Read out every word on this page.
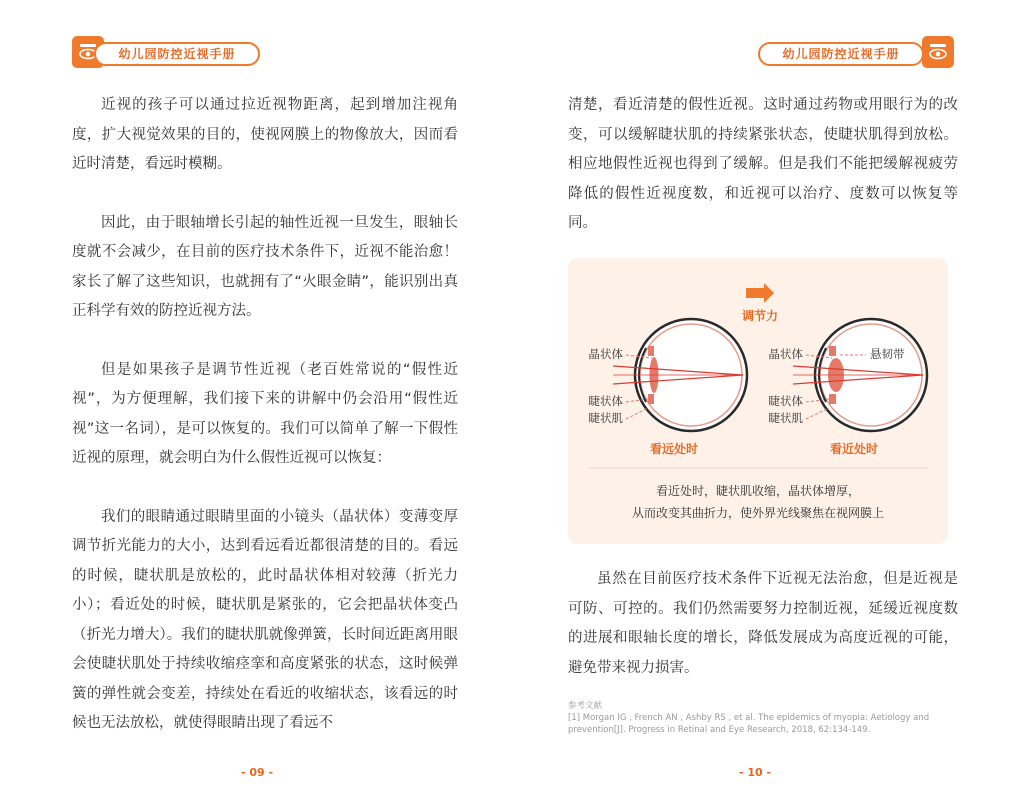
幼儿园防控近视手册

近视的孩子可以通过拉近视物距离，起到增加注视角度，扩大视觉效果的目的，使视网膜上的物像放大，因而看近时清楚，看远时模糊。

因此，由于眼轴增长引起的轴性近视一旦发生，眼轴长度就不会减少，在目前的医疗技术条件下，近视不能治愈！家长了解了这些知识，也就拥有了“火眼金睛”，能识别出真正科学有效的防控近视方法。

但是如果孩子是调节性近视（老百姓常说的“假性近视”，为方便理解，我们接下来的讲解中仍会沿用“假性近视”这一名词），是可以恢复的。我们可以简单了解一下假性近视的原理，就会明白为什么假性近视可以恢复：

我们的眼睛通过眼睛里面的小镜头（晶状体）变薄变厚调节折光能力的大小，达到看远看近都很清楚的目的。看远的时候，睫状肌是放松的，此时晶状体相对较薄（折光力小）；看近处的时候，睫状肌是紧张的，它会把晶状体变凸（折光力增大）。我们的睫状肌就像弹簧，长时间近距离用眼会使睫状肌处于持续收缩痉挛和高度紧张的状态，这时候弹簧的弹性就会变差，持续处在看近的收缩状态，该看远的时候也无法放松，就使得眼睛出现了看远不

- 09 -
幼儿园防控近视手册

清楚，看近清楚的假性近视。这时通过药物或用眼行为的改变，可以缓解睫状肌的持续紧张状态，使睫状肌得到放松。相应地假性近视也得到了缓解。但是我们不能把缓解视疲劳降低的假性近视度数，和近视可以治疗、度数可以恢复等同。

调节力
晶状体
睫状体
睫状肌
看远处时
晶状体	悬韧带
睫状体
睫状肌
看近处时
看近处时，睫状肌收缩，晶状体增厚，
从而改变其曲折力，使外界光线聚焦在视网膜上

虽然在目前医疗技术条件下近视无法治愈，但是近视是可防、可控的。我们仍然需要努力控制近视，延缓近视度数的进展和眼轴长度的增长，降低发展成为高度近视的可能，避免带来视力损害。

参考文献
[1] Morgan IG , French AN , Ashby RS , et al. The epidemics of myopia: Aetiology and prevention[J]. Progress in Retinal and Eye Research, 2018, 62:134-149.
- 10 -
